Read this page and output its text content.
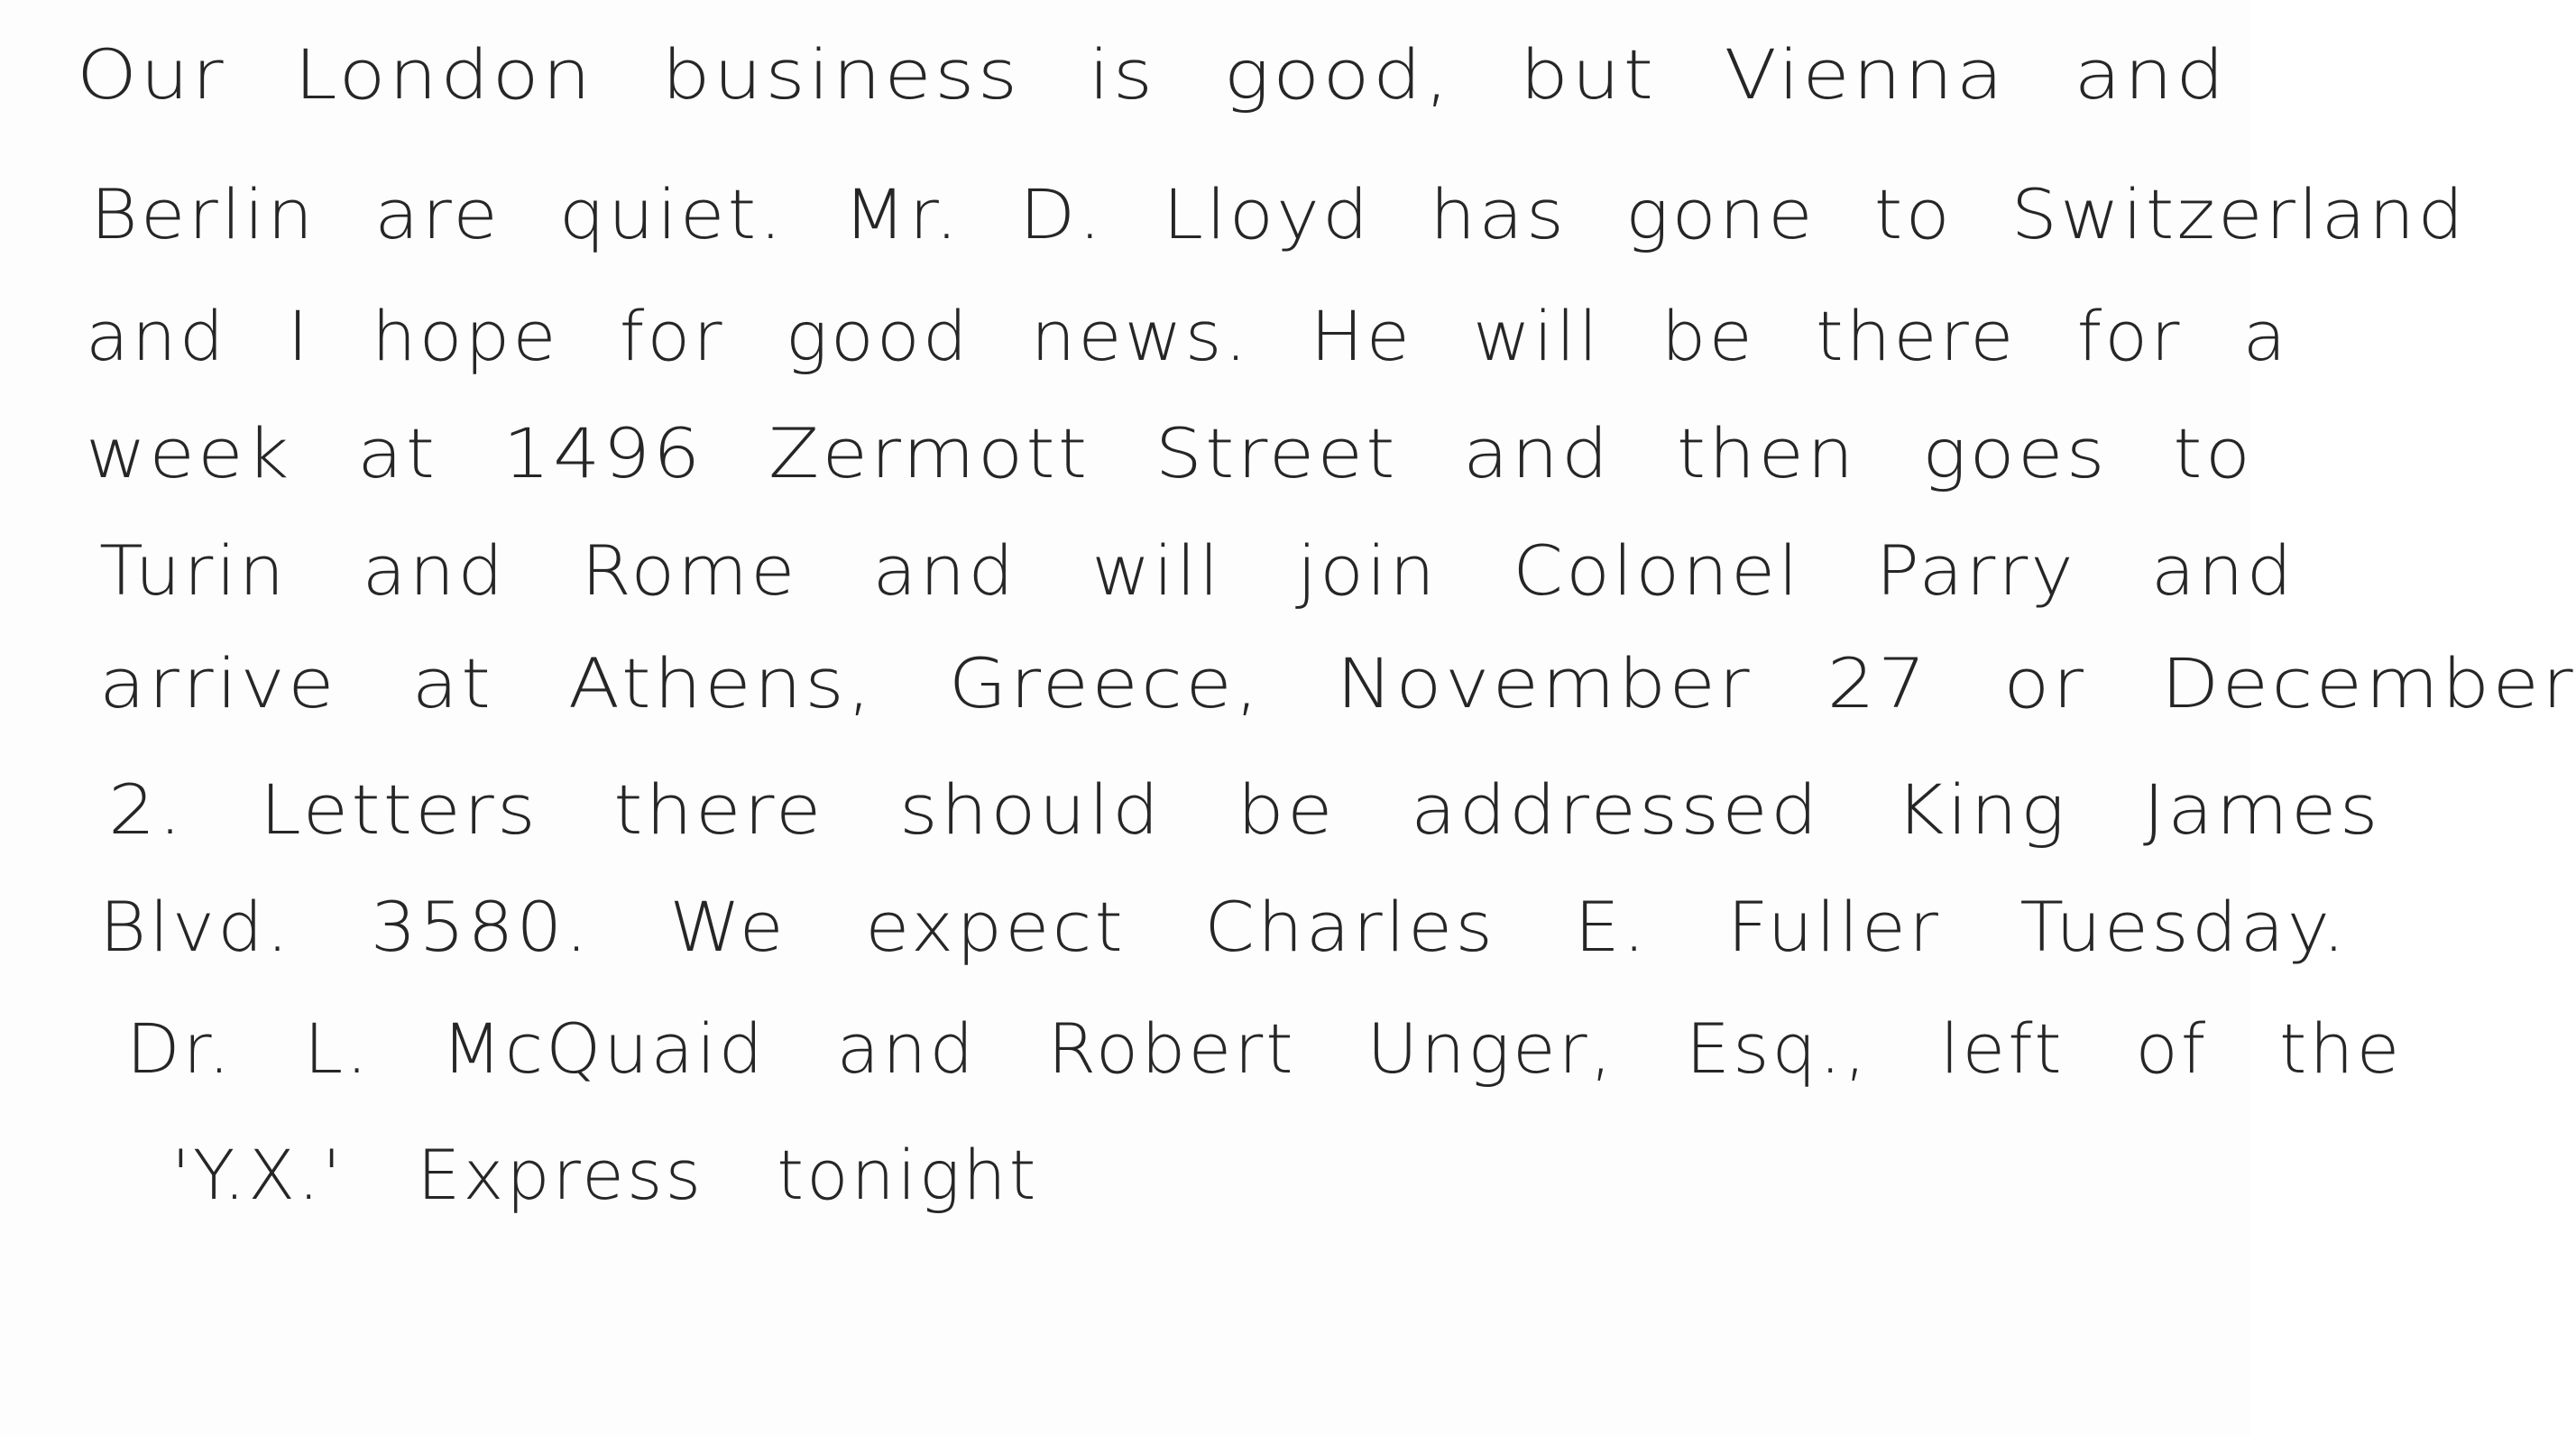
Our London business is good, but Vienna and

Berlin are quiet. Mr. D. Lloyd has gone to Switzerland

and I hope for good news. He will be there for a

week at 1496 Zermott Street and then goes to

Turin and Rome and will join Colonel Parry and

arrive at Athens, Greece, November 27 or December

2. Letters there should be addressed King James

Blvd. 3580. We expect Charles E. Fuller Tuesday.

Dr. L. McQuaid and Robert Unger, Esq., left of the

'Y.X.' Express tonight
